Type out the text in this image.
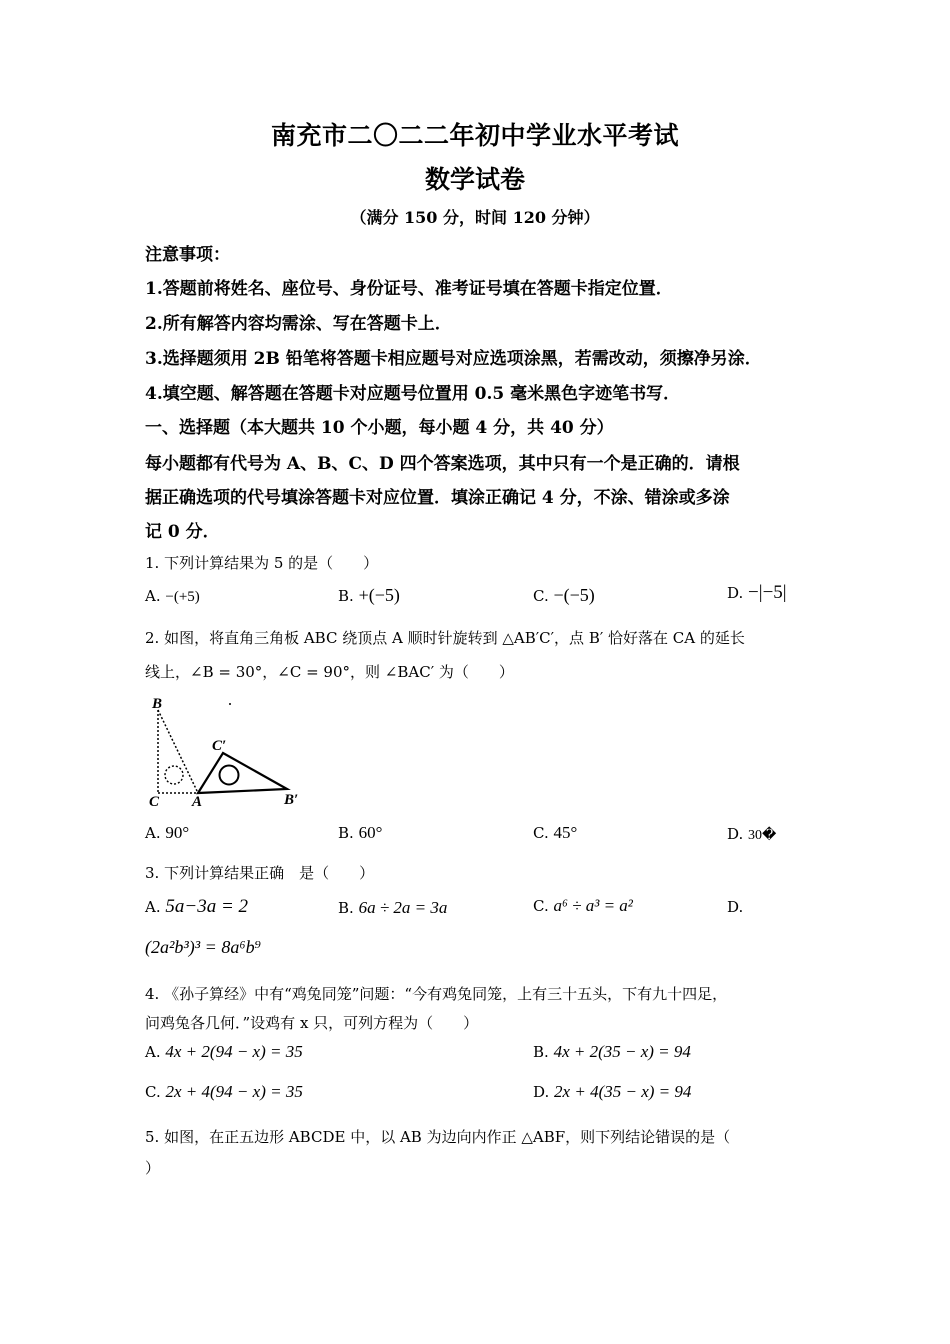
南充市二〇二二年初中学业水平考试
数学试卷
（满分 150 分，时间 120 分钟）
注意事项：
1.答题前将姓名、座位号、身份证号、准考证号填在答题卡指定位置．
2.所有解答内容均需涂、写在答题卡上．
3.选择题须用 2B 铅笔将答题卡相应题号对应选项涂黑，若需改动，须擦净另涂．
4.填空题、解答题在答题卡对应题号位置用 0.5 毫米黑色字迹笔书写．
一、选择题（本大题共 10 个小题，每小题 4 分，共 40 分）
每小题都有代号为 A、B、C、D 四个答案选项，其中只有一个是正确的．请根
据正确选项的代号填涂答题卡对应位置．填涂正确记 4 分，不涂、错涂或多涂
记 0 分．
1. 下列计算结果为 5 的是（　　）
A. −(+5)	B. +(−5)	C. −(−5)	D. −|−5|
2. 如图，将直角三角板 ABC 绕顶点 A 顺时针旋转到 △AB′C′，点 B′ 恰好落在 CA 的延长
线上，∠B = 30°，∠C = 90°，则 ∠BAC′ 为（　　）
B
C A
C′
B′
A. 90°	B. 60°	C. 45°	D. 30�
3. 下列计算结果正确　是（　　）
A. 5a−3a = 2	B. 6a ÷ 2a = 3a	C. a⁶ ÷ a³ = a²	D.
(2a²b³)³ = 8a⁶b⁹
4. 《孙子算经》中有“鸡兔同笼”问题：“今有鸡兔同笼，上有三十五头，下有九十四足，
问鸡兔各几何．”设鸡有 x 只，可列方程为（　　）
A. 4x + 2(94 − x) = 35	B. 4x + 2(35 − x) = 94
C. 2x + 4(94 − x) = 35	D. 2x + 4(35 − x) = 94
5. 如图，在正五边形 ABCDE 中，以 AB 为边向内作正 △ABF，则下列结论错误的是（
）
